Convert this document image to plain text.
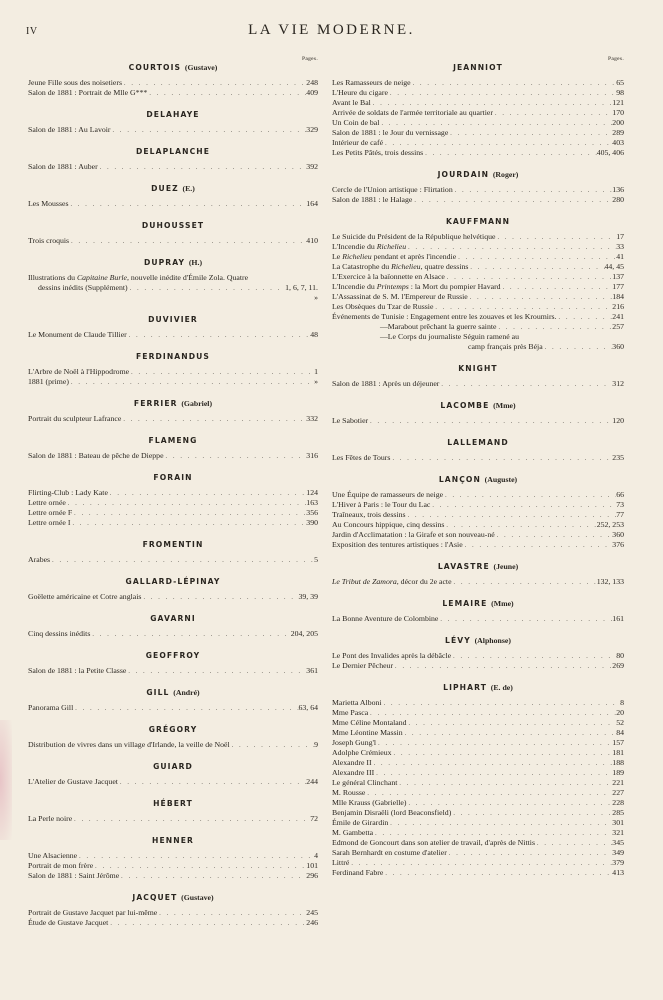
IV	LA VIE MODERNE.
Pages.
COURTOIS (Gustave)
Jeune Fille sous des noisetiers . . .	248
Salon de 1881 : Portrait de Mlle G*** . . .	409
DELAHAYE
Salon de 1881 : Au Lavoir . . .	329
DELAPLANCHE
Salon de 1881 : Auber . . .	392
DUEZ (E.)
Les Mousses . . .	164
DUHOUSSET
Trois croquis . . .	410
DUPRAY (H.)
Illustrations du Capitaine Burle, nouvelle inédite d'Émile Zola. Quatre
dessins inédits (Supplément) . . .	1, 6, 7, 11.
»
DUVIVIER
Le Monument de Claude Tillier . . .	48
FERDINANDUS
L'Arbre de Noël à l'Hippodrome . . .	1
1881 (prime) . . .	»
FERRIER (Gabriel)
Portrait du sculpteur Lafrance . . .	332
FLAMENG
Salon de 1881 : Bateau de pêche de Dieppe . . .	316
FORAIN
Flirting-Club : Lady Kate . . .	124
Lettre ornée . . .	163
Lettre ornée F . . .	356
Lettre ornée I . . .	390
FROMENTIN
Arabes . . .	5
GALLARD-LÉPINAY
Goëlette américaine et Cotre anglais . . .	39, 39
GAVARNI
Cinq dessins inédits . . .	204, 205
GEOFFROY
Salon de 1881 : la Petite Classe . . .	361
GILL (André)
Panorama Gill . . .	63, 64
GRÉGORY
Distribution de vivres dans un village d'Irlande, la veille de Noël . . .	9
GUIARD
L'Atelier de Gustave Jacquet . . .	244
HÉBERT
La Perle noire . . .	72
HENNER
Une Alsacienne . . .	4
Portrait de mon frère . . .	101
Salon de 1881 : Saint Jérôme . . .	296
JACQUET (Gustave)
Portrait de Gustave Jacquet par lui-même . . .	245
Étude de Gustave Jacquet . . .	246
Pages.
JEANNIOT
Les Ramasseurs de neige . . .	65
L'Heure du cigare . . .	98
Avant le Bal . . .	121
Arrivée de soldats de l'armée territoriale au quartier . . .	170
Un Coin de bal . . .	200
Salon de 1881 : le Jour du vernissage . . .	289
Intérieur de café . . .	403
Les Petits Pâtés, trois dessins . . .	405, 406
JOURDAIN (Roger)
Cercle de l'Union artistique : Flirtation . . .	136
Salon de 1881 : le Halage . . .	280
KAUFFMANN
Le Suicide du Président de la République helvétique . . .	17
L'Incendie du Richelieu . . .	33
Le Richelieu pendant et après l'incendie . . .	41
La Catastrophe du Richelieu, quatre dessins . . .	44, 45
L'Exercice à la baïonnette en Alsace . . .	137
L'Incendie du Printemps : la Mort du pompier Havard . . .	177
L'Assassinat de S. M. l'Empereur de Russie . . .	184
Les Obsèques du Tzar de Russie . . .	216
Événements de Tunisie : Engagement entre les zouaves et les Kroumirs. . . .	241
— Marabout prêchant la guerre sainte . . .	257
— Le Corps du journaliste Séguin ramené au
camp français près Béja . . .	360
KNIGHT
Salon de 1881 : Après un déjeuner . . .	312
LACOMBE (Mme)
Le Sabotier . . .	120
LALLEMAND
Les Fêtes de Tours . . .	235
LANÇON (Auguste)
Une Équipe de ramasseurs de neige . . .	66
L'Hiver à Paris : le Tour du Lac . . .	73
Traîneaux, trois dessins . . .	77
Au Concours hippique, cinq dessins . . .	252, 253
Jardin d'Acclimatation : la Girafe et son nouveau-né . . .	360
Exposition des tentures artistiques : l'Asie . . .	376
LAVASTRE (Jeune)
Le Tribut de Zamora, décor du 2e acte . . .	132, 133
LEMAIRE (Mme)
La Bonne Aventure de Colombine . . .	161
LÉVY (Alphonse)
Le Pont des Invalides après la débâcle . . .	80
Le Dernier Pêcheur . . .	269
LIPHART (E. de)
Marietta Alboni . . .	8
Mme Pasca . . .	20
Mme Céline Montaland . . .	52
Mme Léontine Massin . . .	84
Joseph Gung'l . . .	157
Adolphe Crémieux . . .	181
Alexandre II . . .	188
Alexandre III . . .	189
Le général Clinchant . . .	221
M. Rousse . . .	227
Mlle Krauss (Gabrielle) . . .	228
Benjamin Disraëli (lord Beaconsfield) . . .	285
Émile de Girardin . . .	301
M. Gambetta . . .	321
Edmond de Goncourt dans son atelier de travail, d'après de Nittis . . .	345
Sarah Bernhardt en costume d'atelier . . .	349
Littré . . .	379
Ferdinand Fabre . . .	413
